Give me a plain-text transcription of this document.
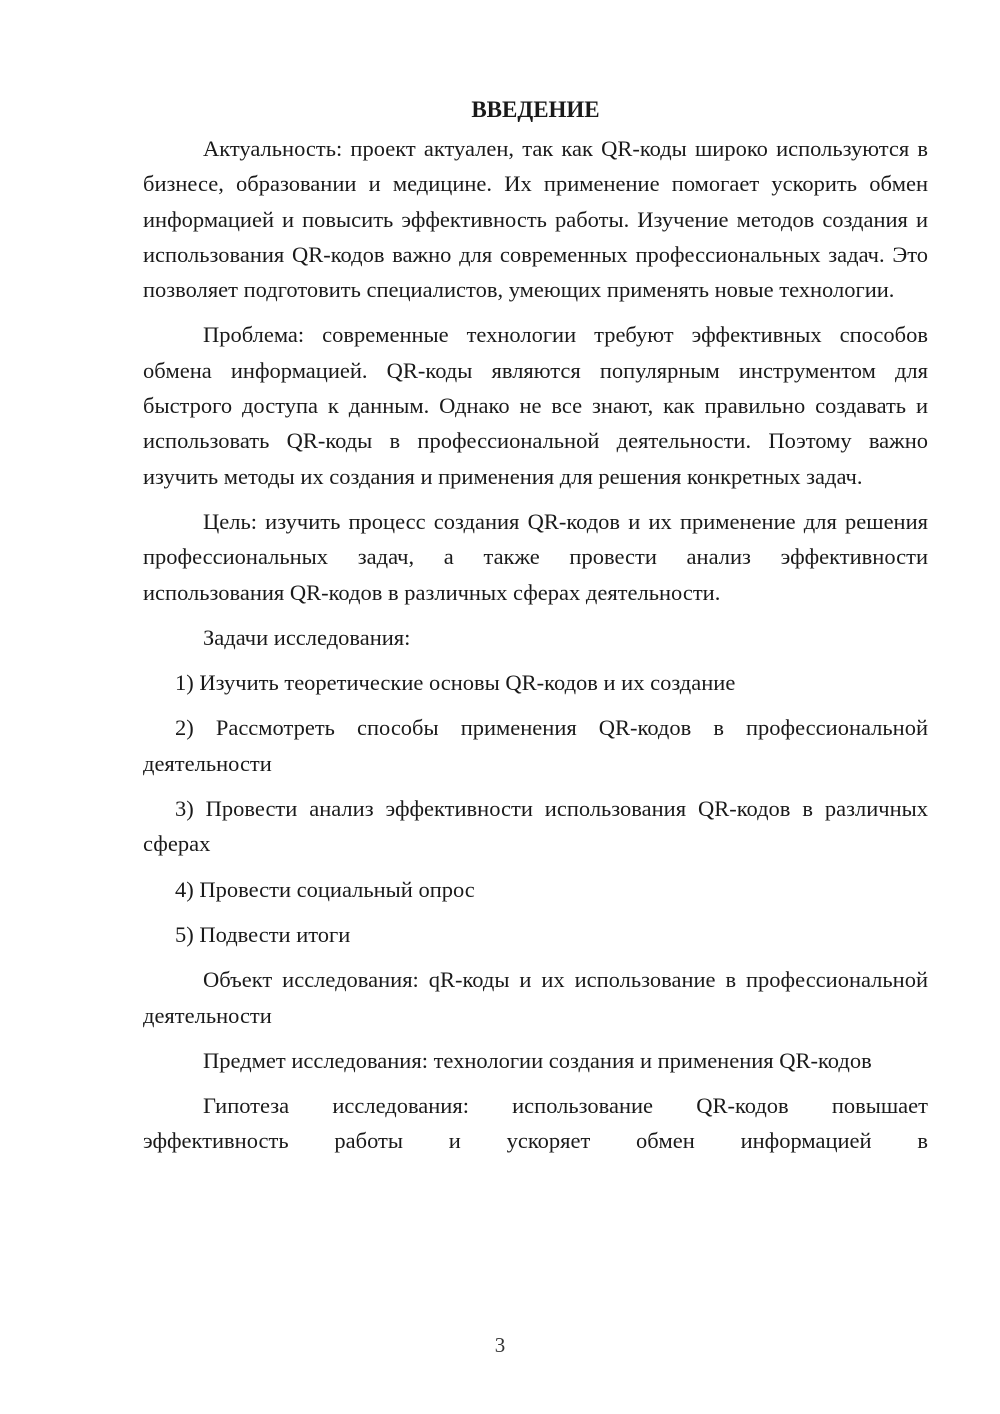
ВВЕДЕНИЕ

Актуальность: проект актуален, так как QR-коды широко используются в бизнесе, образовании и медицине. Их применение помогает ускорить обмен информацией и повысить эффективность работы. Изучение методов создания и использования QR-кодов важно для современных профессиональных задач. Это позволяет подготовить специалистов, умеющих применять новые технологии.

Проблема: современные технологии требуют эффективных способов обмена информацией. QR-коды являются популярным инструментом для быстрого доступа к данным. Однако не все знают, как правильно создавать и использовать QR-коды в профессиональной деятельности. Поэтому важно изучить методы их создания и применения для решения конкретных задач.

Цель: изучить процесс создания QR-кодов и их применение для решения профессиональных задач, а также провести анализ эффективности использования QR-кодов в различных сферах деятельности.

Задачи исследования:

1) Изучить теоретические основы QR-кодов и их создание
2) Рассмотреть способы применения QR-кодов в профессиональной деятельности
3) Провести анализ эффективности использования QR-кодов в различных сферах
4) Провести социальный опрос
5) Подвести итоги

Объект исследования: qR-коды и их использование в профессиональной деятельности

Предмет исследования: технологии создания и применения QR-кодов

Гипотеза исследования: использование QR-кодов повышает эффективность работы и ускоряет обмен информацией в

3
